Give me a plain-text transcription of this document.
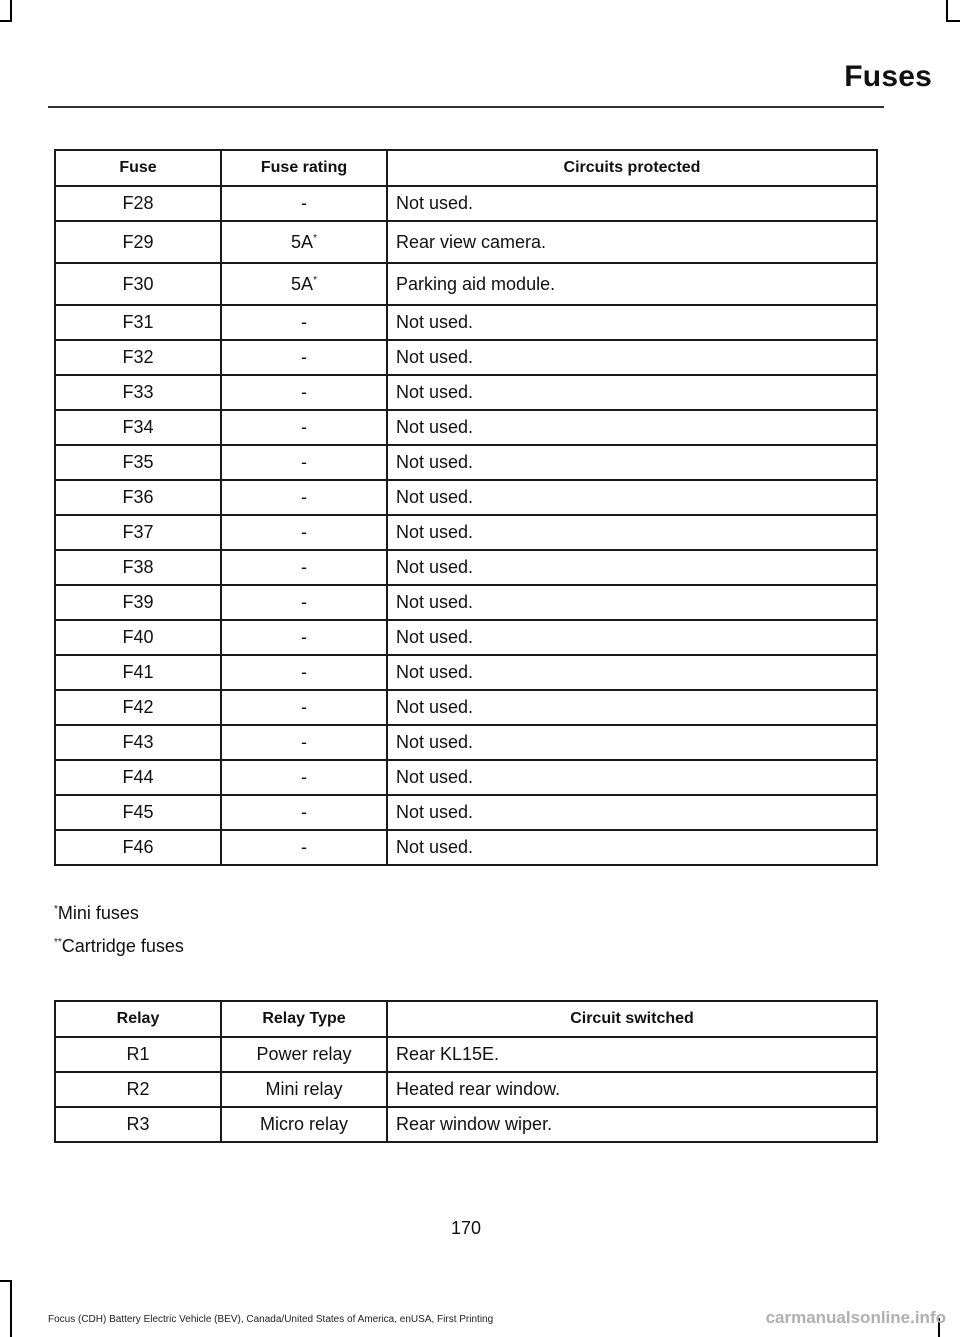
Fuses
Fuse	Fuse rating	Circuits protected
F28	-	Not used.
F29	5A*	Rear view camera.
F30	5A*	Parking aid module.
F31	-	Not used.
F32	-	Not used.
F33	-	Not used.
F34	-	Not used.
F35	-	Not used.
F36	-	Not used.
F37	-	Not used.
F38	-	Not used.
F39	-	Not used.
F40	-	Not used.
F41	-	Not used.
F42	-	Not used.
F43	-	Not used.
F44	-	Not used.
F45	-	Not used.
F46	-	Not used.
*Mini fuses
**Cartridge fuses
Relay	Relay Type	Circuit switched
R1	Power relay	Rear KL15E.
R2	Mini relay	Heated rear window.
R3	Micro relay	Rear window wiper.
170
Focus (CDH) Battery Electric Vehicle (BEV), Canada/United States of America, enUSA, First Printing	carmanualsonline.info
